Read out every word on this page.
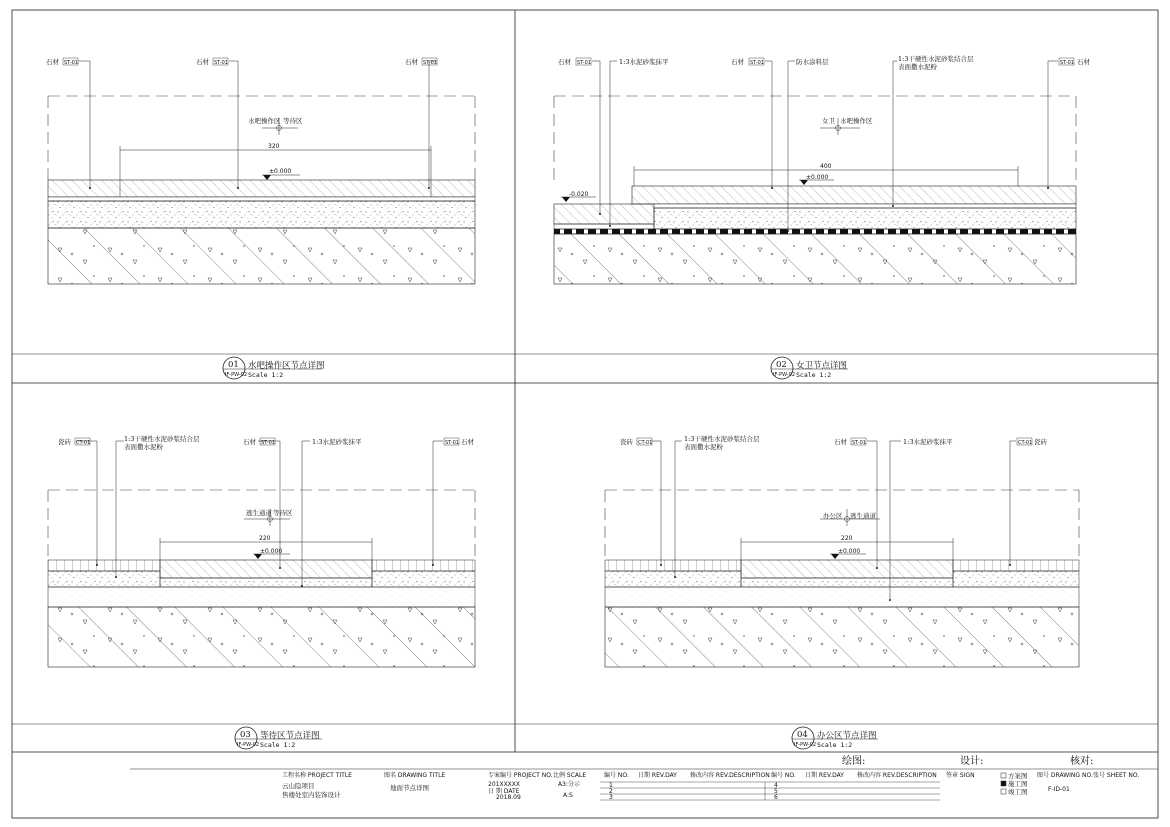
石材 ST-01	石材 ST-01	石材 ST-01
水吧操作区 等待区
320
±0.000
石材 ST-01	1:3水泥砂浆抹平	石材 ST-01	防水涂料层	1:3干硬性水泥砂浆结合层
表面撒水泥粉	ST-01 石材
女卫 水吧操作区
400
±0.000
-0.020
瓷砖 CT-01	1:3干硬性水泥砂浆结合层
表面撒水泥粉
石材 ST-01	1:3水泥砂浆抹平	ST-01 石材
逃生通道 等待区
220
±0.000
瓷砖 CT-01	1:3干硬性水泥砂浆结合层
表面撒水泥粉
石材 ST-01	1:3水泥砂浆抹平	CT-01 瓷砖
办公区 逃生通道
220
±0.000
01
IF-PW-02
水吧操作区节点详图
Scale 1:2
02
IF-PW-02
女卫节点详图
Scale 1:2
03
IF-PW-02
等待区节点详图
Scale 1:2
04
IF-PW-02
办公区节点详图
Scale 1:2
绘图:	设计:	核对:
工程名称 PROJECT TITLE
云山隐项目
售楼处室内装饰设计
图名 DRAWING TITLE
地面节点详图
专案编号 PROJECT NO.
201XXXXX
日 期 DATE
2018.09
比例 SCALE
A3:分示
A:S
编号 NO. 日期 REV.DAY 修改内容 REV.DESCRIPTION 编号 NO. 日期 REV.DAY 修改内容 REV.DESCRIPTION 签章 SIGN
1
2
3
4
5
6
方案图
施工图
竣工图
图号 DRAWING NO. 张号 SHEET NO.
F-ID-01
